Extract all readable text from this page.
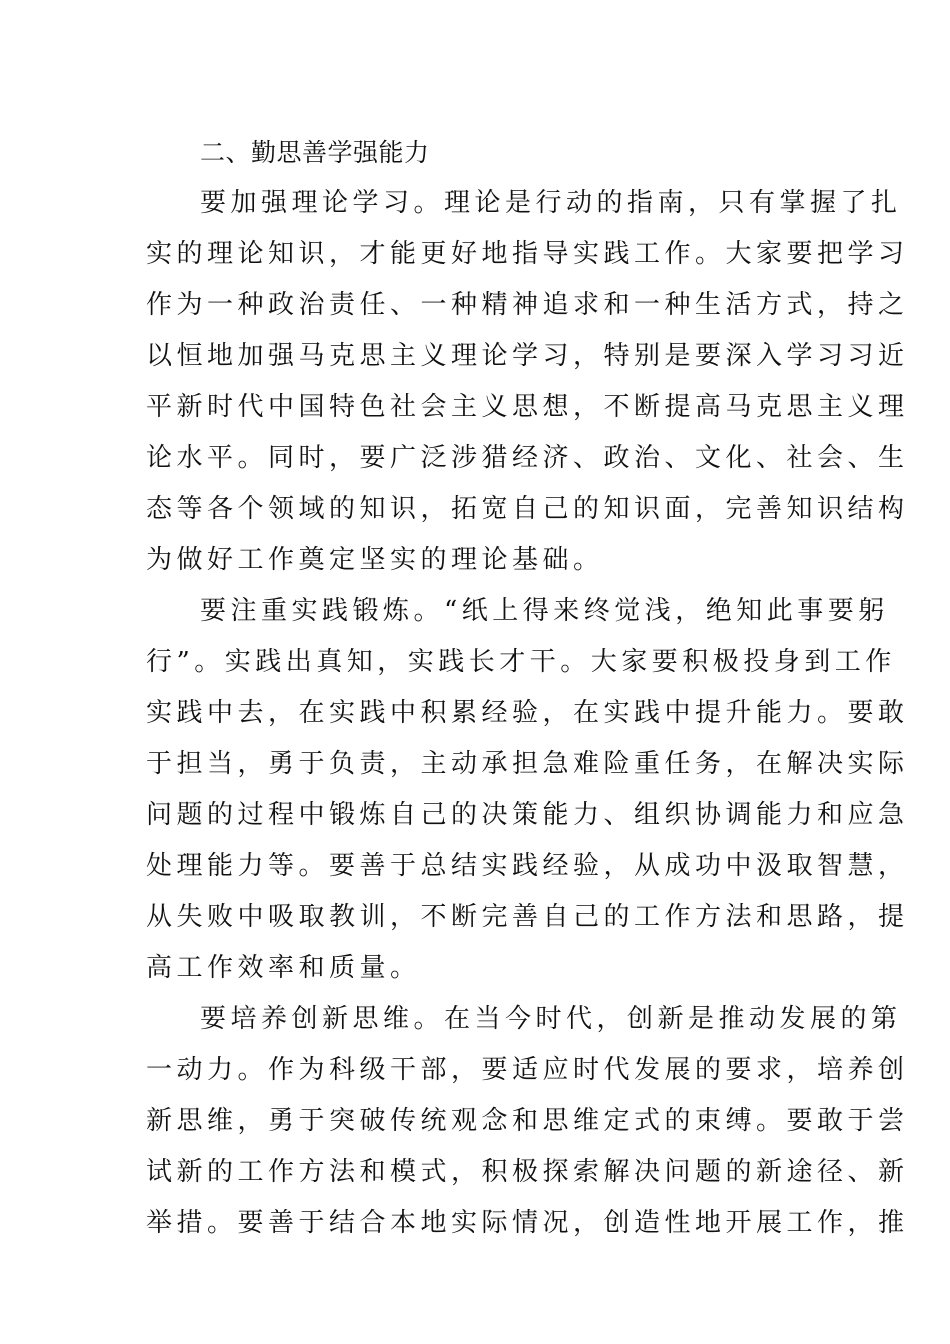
二、勤思善学强能力
要加强理论学习。理论是行动的指南，只有掌握了扎
实的理论知识，才能更好地指导实践工作。大家要把学习
作为一种政治责任、一种精神追求和一种生活方式，持之
以恒地加强马克思主义理论学习，特别是要深入学习习近
平新时代中国特色社会主义思想，不断提高马克思主义理
论水平。同时，要广泛涉猎经济、政治、文化、社会、生
态等各个领域的知识，拓宽自己的知识面，完善知识结构
为做好工作奠定坚实的理论基础。
要注重实践锻炼。“纸上得来终觉浅，绝知此事要躬
行”。实践出真知，实践长才干。大家要积极投身到工作
实践中去，在实践中积累经验，在实践中提升能力。要敢
于担当，勇于负责，主动承担急难险重任务，在解决实际
问题的过程中锻炼自己的决策能力、组织协调能力和应急
处理能力等。要善于总结实践经验，从成功中汲取智慧，
从失败中吸取教训，不断完善自己的工作方法和思路，提
高工作效率和质量。
要培养创新思维。在当今时代，创新是推动发展的第
一动力。作为科级干部，要适应时代发展的要求，培养创
新思维，勇于突破传统观念和思维定式的束缚。要敢于尝
试新的工作方法和模式，积极探索解决问题的新途径、新
举措。要善于结合本地实际情况，创造性地开展工作，推
